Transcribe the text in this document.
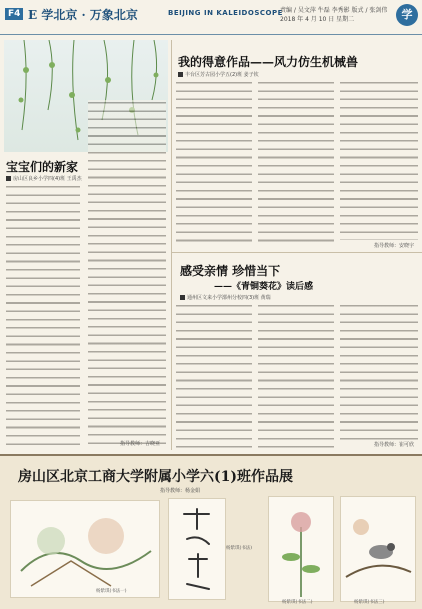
F4 E 学北京 · 万象北京	BEIJING IN KALEIDOSCOPE
责编 / 吴文萍 牛磊 李秀影 版式 / 张剑伟
2018 年 4 月 10 日 星期二	学
宝宝们的新家
房山区良乡小学四(4)班 王禹杰
指导教师：吉晓亚
我的得意作品——风力仿生机械兽
丰台区芳古园小学五(2)班 姜子钦
指导教师：安晓宇
感受亲情 珍惜当下
——《青铜葵花》读后感
通州区文来小学漷州分校四(3)班 黄瑞
指导教师：崔可欣
房山区北京工商大学附属小学六(1)班作品展
指导教师：杨金娟
杨紫琪(书法一)
杨紫琪(书法)
杨紫琪(书法二)	杨紫琪(书法三)
